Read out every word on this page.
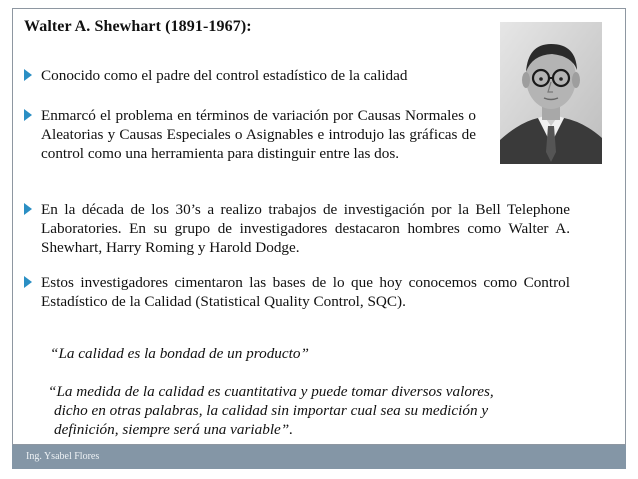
Walter A. Shewhart (1891-1967):
Conocido como el padre del control estadístico de la calidad
Enmarcó el problema en términos de variación por Causas Normales o Aleatorias y Causas Especiales o Asignables e introdujo las gráficas de control como una herramienta para distinguir entre las dos.
En la década de los 30’s a realizo trabajos de investigación por la Bell Telephone Laboratories. En su grupo de investigadores destacaron hombres como Walter A. Shewhart, Harry Roming y Harold Dodge.
Estos investigadores cimentaron las bases de lo que hoy conocemos como Control Estadístico de la Calidad (Statistical Quality Control, SQC).
“La calidad es la bondad de un producto”
“La medida de la calidad es cuantitativa y puede tomar diversos valores,
dicho en otras palabras, la calidad sin importar cual sea su medición y
definición, siempre será una variable”.
Ing. Ysabel Flores
